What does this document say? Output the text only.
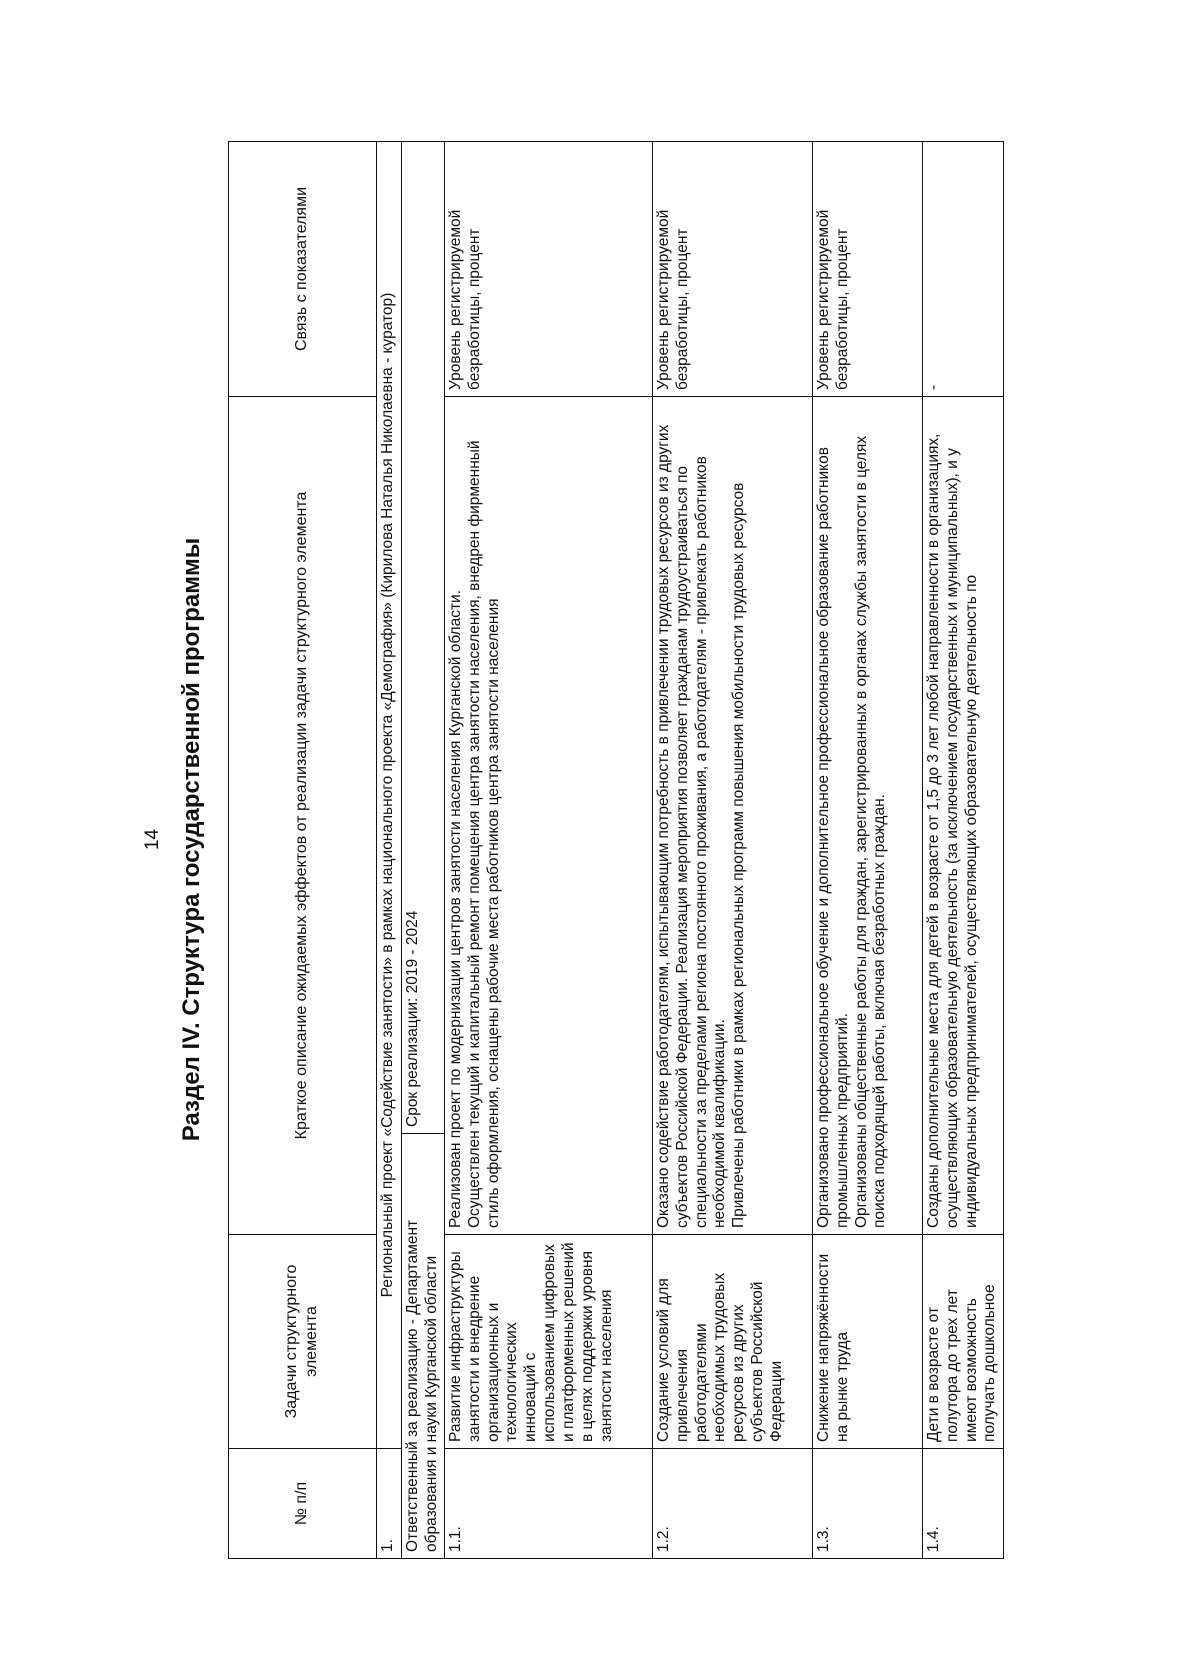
14 Раздел IV. Структура государственной программы
№ п/п	Задачи структурного элемента	Краткое описание ожидаемых эффектов от реализации задачи структурного элемента	Связь с показателями
1.	Региональный проект «Содействие занятости» в рамках национального проекта «Демография» (Кирилова Наталья Николаевна - куратор)		

Ответственный за реализацию - Департамент образования и науки Курганской области
Срок реализации: 2019 - 2024			

1.1.	Развитие инфраструктуры занятости и внедрение организационных и технологических инноваций с использованием цифровых и платформенных решений в целях поддержки уровня занятости населения	Реализован проект по модернизации центров занятости населения Курганской области. Осуществлен текущий и капитальный ремонт помещения центра занятости населения, внедрен фирменный стиль оформления, оснащены рабочие места работников центра занятости населения	Уровень регистрируемой безработицы, процент
1.2.	Создание условий для привлечения работодателями необходимых трудовых ресурсов из других субъектов Российской Федерации	Оказано содействие работодателям, испытывающим потребность в привлечении трудовых ресурсов из других субъектов Российской Федерации. Реализация мероприятия позволяет гражданам трудоустраиваться по специальности за пределами региона постоянного проживания, а работодателям - привлекать работников необходимой квалификации. Привлечены работники в рамках региональных программ повышения мобильности трудовых ресурсов	Уровень регистрируемой безработицы, процент
1.3.	Снижение напряжённости на рынке труда	Организовано профессиональное обучение и дополнительное профессиональное образование работников промышленных предприятий. Организованы общественные работы для граждан, зарегистрированных в органах службы занятости в целях поиска подходящей работы, включая безработных граждан.	Уровень регистрируемой безработицы, процент
1.4.	Дети в возрасте от полутора до трех лет имеют возможность получать дошкольное	Созданы дополнительные места для детей в возрасте от 1,5 до 3 лет любой направленности в организациях, осуществляющих образовательную деятельность (за исключением государственных и муниципальных), и у индивидуальных предпринимателей, осуществляющих образовательную деятельность по	-
